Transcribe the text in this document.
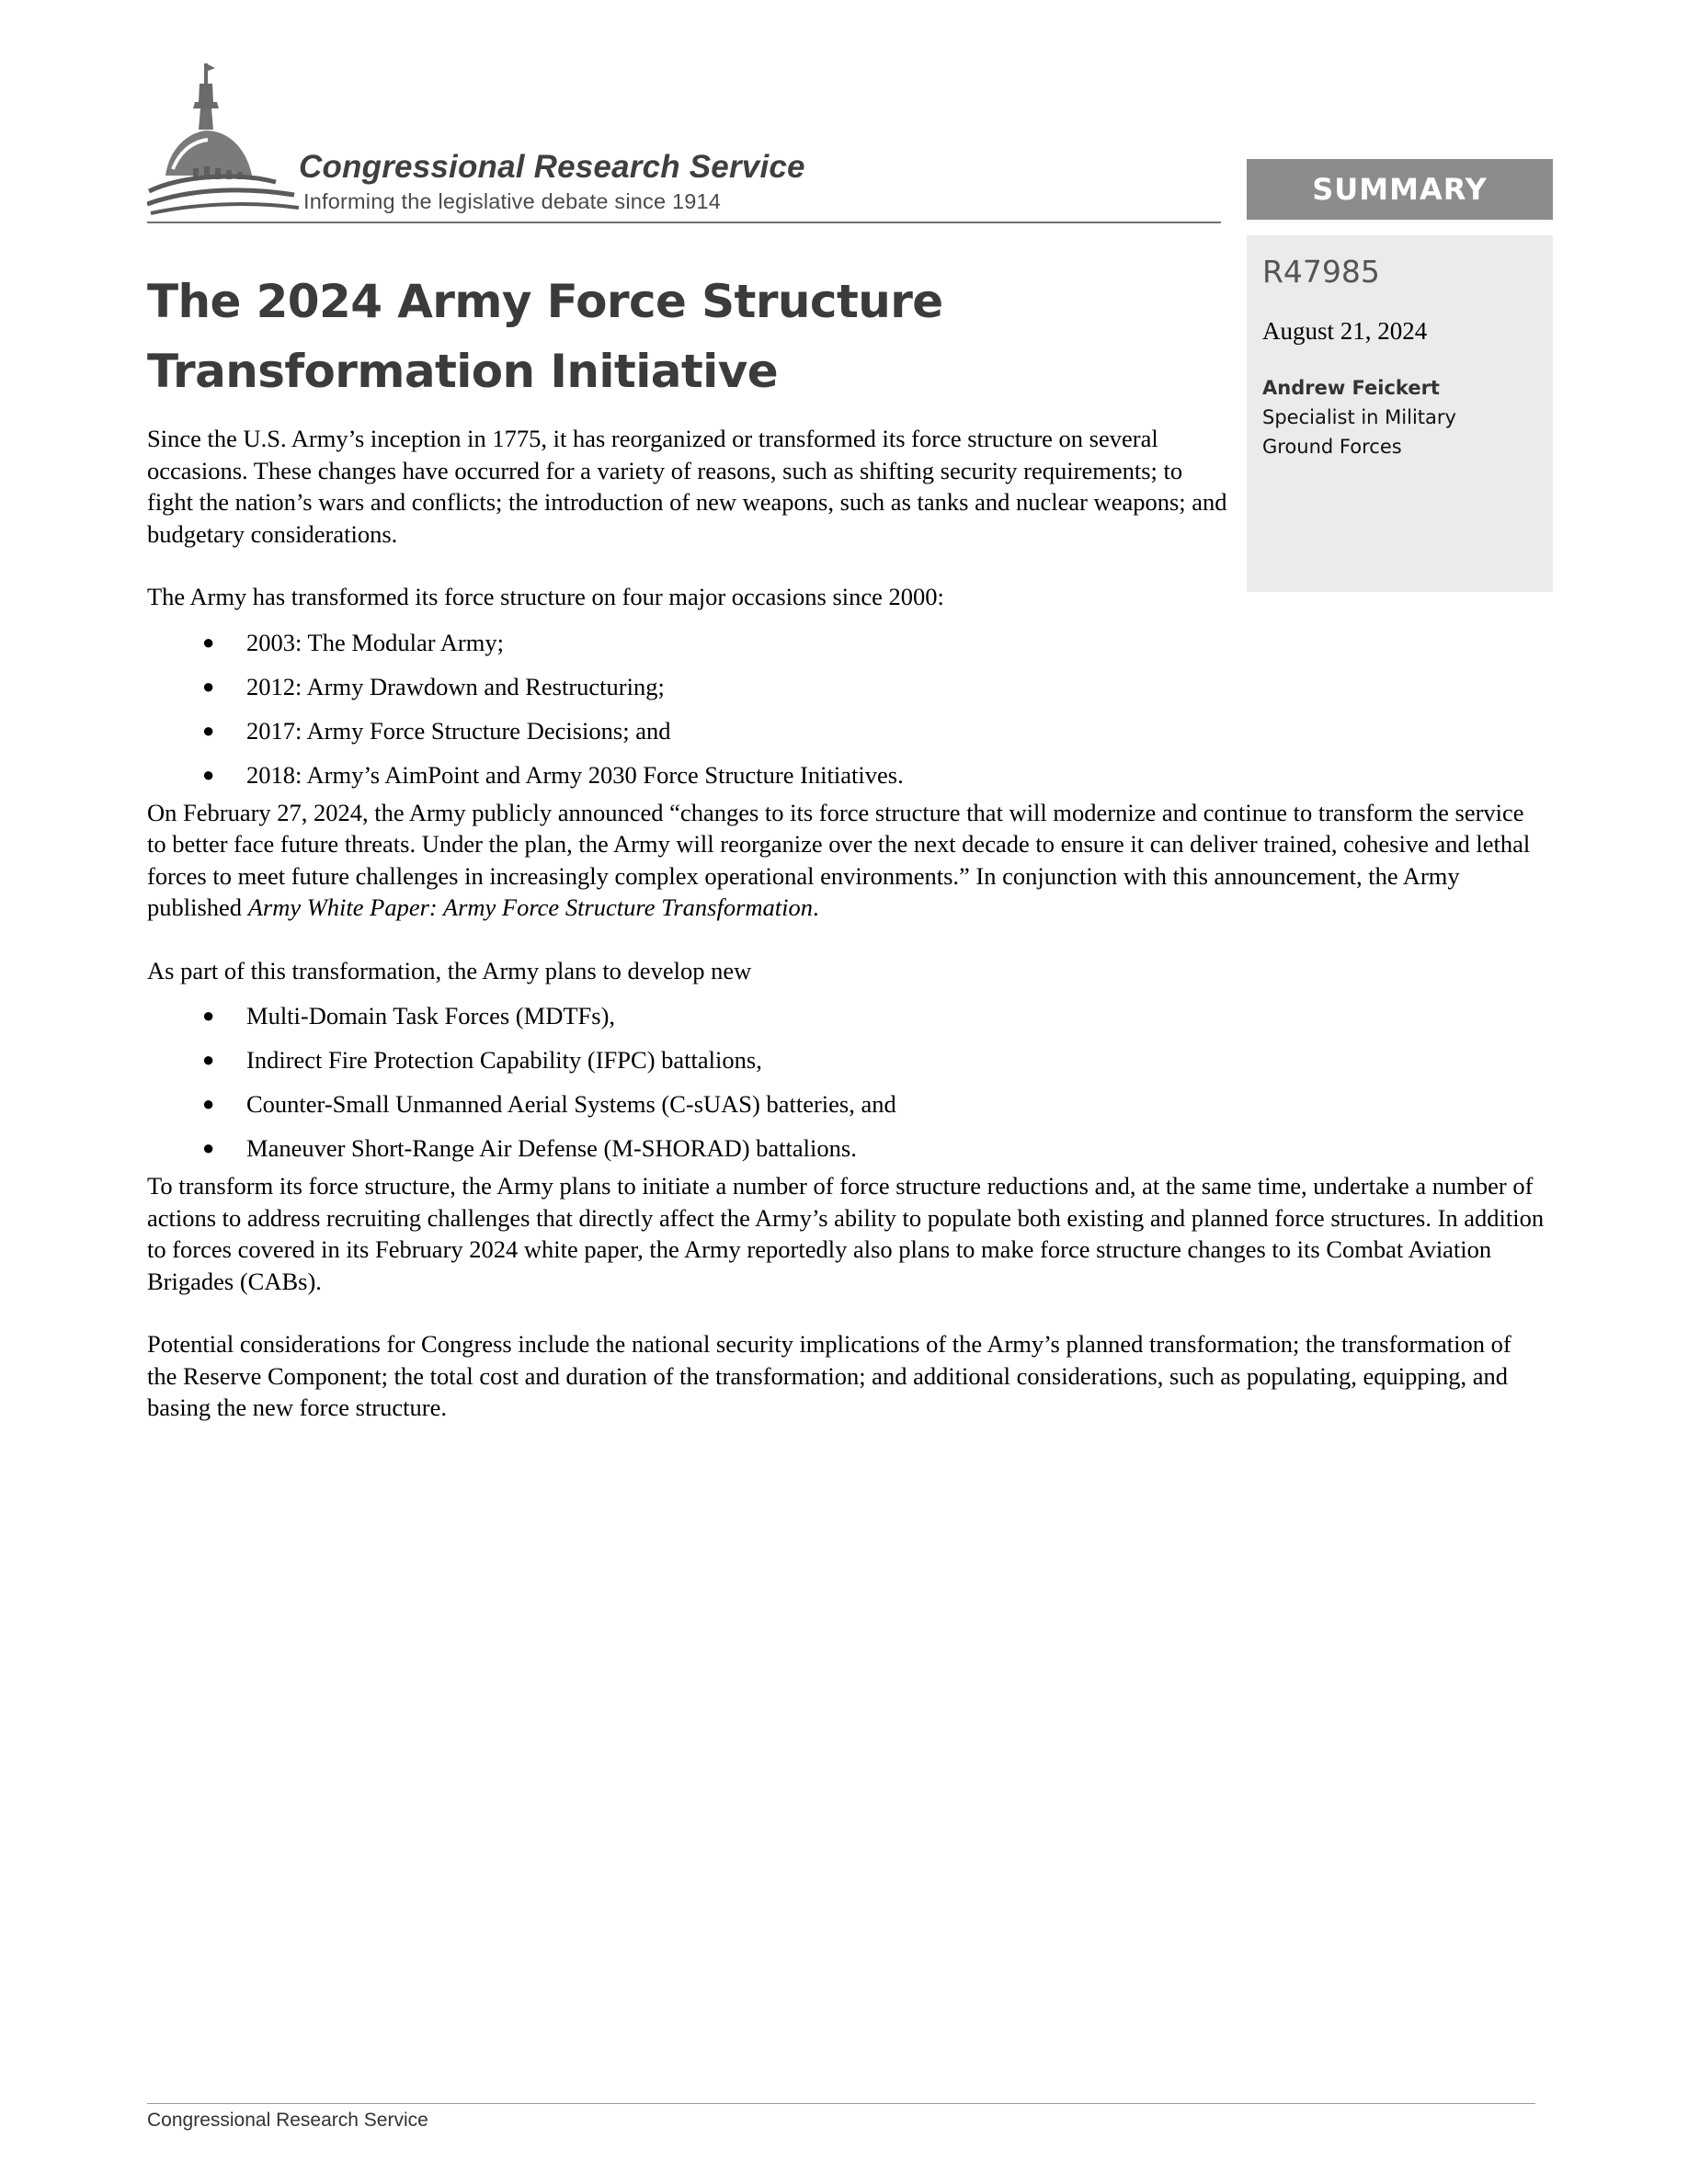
Congressional Research Service
Informing the legislative debate since 1914	SUMMARY

R47985

August 21, 2024

Andrew Feickert

Specialist in Military Ground Forces

The 2024 Army Force Structure Transformation Initiative

Since the U.S. Army’s inception in 1775, it has reorganized or transformed its force structure on several occasions. These changes have occurred for a variety of reasons, such as shifting security requirements; to fight the nation’s wars and conflicts; the introduction of new weapons, such as tanks and nuclear weapons; and budgetary considerations.

The Army has transformed its force structure on four major occasions since 2000:

● 2003: The Modular Army;
● 2012: Army Drawdown and Restructuring;
● 2017: Army Force Structure Decisions; and
● 2018: Army’s AimPoint and Army 2030 Force Structure Initiatives.

On February 27, 2024, the Army publicly announced “changes to its force structure that will modernize and continue to transform the service to better face future threats. Under the plan, the Army will reorganize over the next decade to ensure it can deliver trained, cohesive and lethal forces to meet future challenges in increasingly complex operational environments.” In conjunction with this announcement, the Army published Army White Paper: Army Force Structure Transformation.

As part of this transformation, the Army plans to develop new

● Multi-Domain Task Forces (MDTFs),
● Indirect Fire Protection Capability (IFPC) battalions,
● Counter-Small Unmanned Aerial Systems (C-sUAS) batteries, and
● Maneuver Short-Range Air Defense (M-SHORAD) battalions.

To transform its force structure, the Army plans to initiate a number of force structure reductions and, at the same time, undertake a number of actions to address recruiting challenges that directly affect the Army’s ability to populate both existing and planned force structures. In addition to forces covered in its February 2024 white paper, the Army reportedly also plans to make force structure changes to its Combat Aviation Brigades (CABs).

Potential considerations for Congress include the national security implications of the Army’s planned transformation; the transformation of the Reserve Component; the total cost and duration of the transformation; and additional considerations, such as populating, equipping, and basing the new force structure.

Congressional Research Service
